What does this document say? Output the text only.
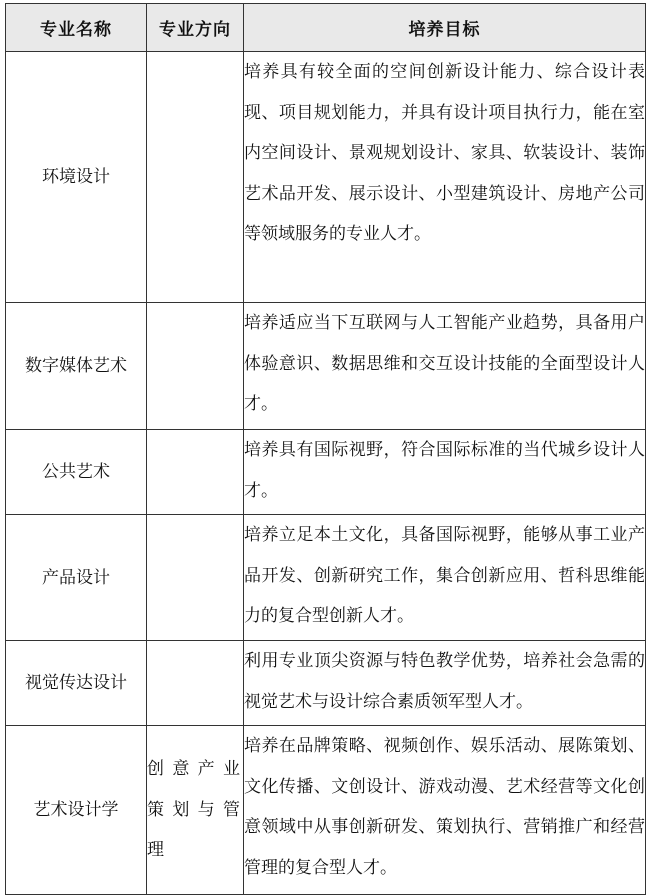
专业名称	专业方向	培养目标
环境设计		培养具有较全面的空间创新设计能力、综合设计表现、项目规划能力，并具有设计项目执行力，能在室内空间设计、景观规划设计、家具、软装设计、装饰艺术品开发、展示设计、小型建筑设计、房地产公司等领域服务的专业人才。
数字媒体艺术		培养适应当下互联网与人工智能产业趋势，具备用户体验意识、数据思维和交互设计技能的全面型设计人才。
公共艺术		培养具有国际视野，符合国际标准的当代城乡设计人才。
产品设计		培养立足本土文化，具备国际视野，能够从事工业产品开发、创新研究工作，集合创新应用、哲科思维能力的复合型创新人才。
视觉传达设计		利用专业顶尖资源与特色教学优势，培养社会急需的视觉艺术与设计综合素质领军型人才。
艺术设计学	创意产业策划与管理	培养在品牌策略、视频创作、娱乐活动、展陈策划、文化传播、文创设计、游戏动漫、艺术经营等文化创意领域中从事创新研发、策划执行、营销推广和经营管理的复合型人才。
